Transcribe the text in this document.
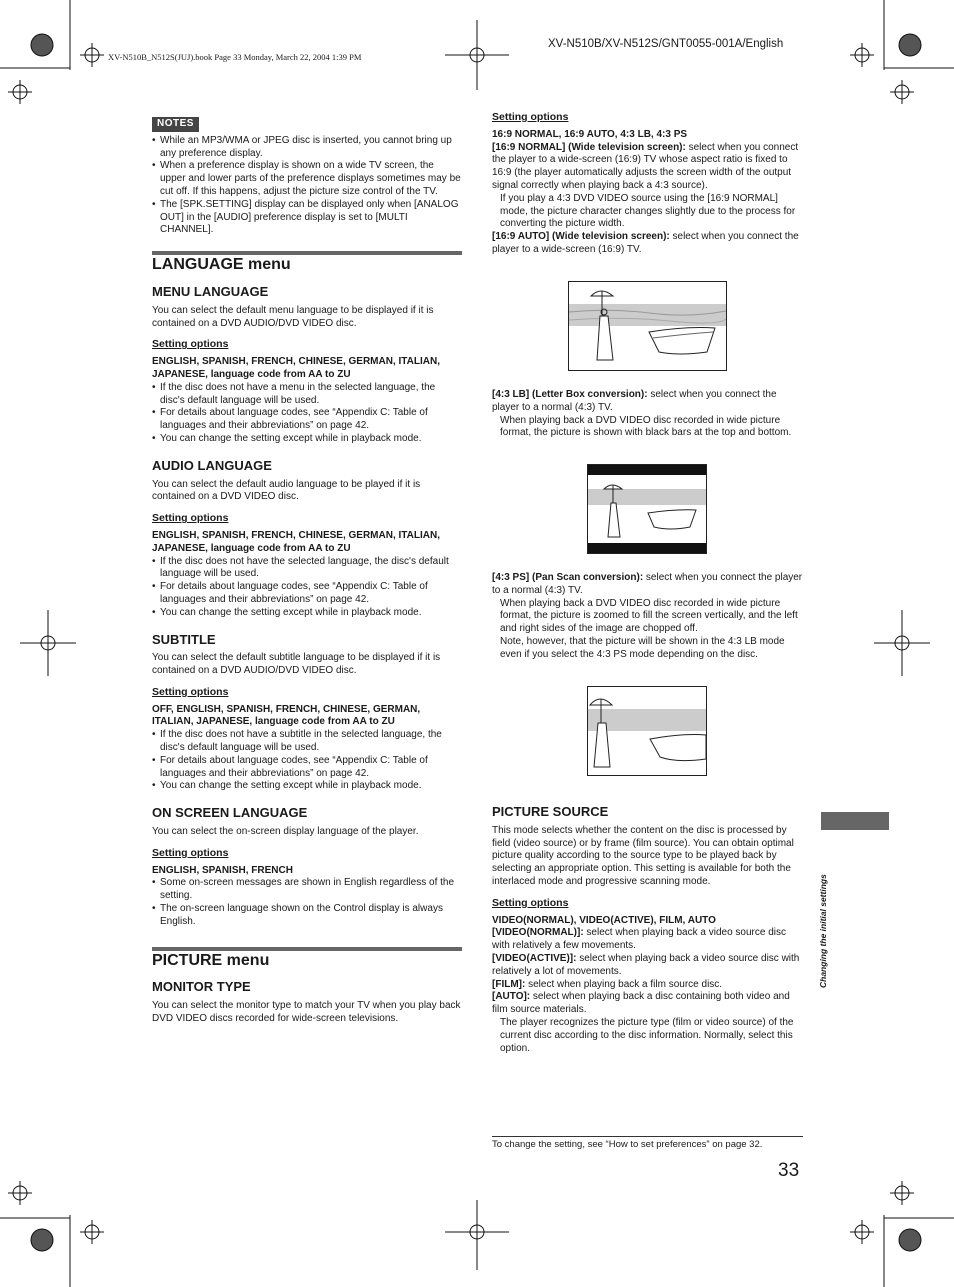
XV-N510B/XV-N512S/GNT0055-001A/English
XV-N510B_N512S(JUJ).book Page 33 Monday, March 22, 2004 1:39 PM
NOTES
• While an MP3/WMA or JPEG disc is inserted, you cannot bring up any preference display.
• When a preference display is shown on a wide TV screen, the upper and lower parts of the preference displays sometimes may be cut off. If this happens, adjust the picture size control of the TV.
• The [SPK.SETTING] display can be displayed only when [ANALOG OUT] in the [AUDIO] preference display is set to [MULTI CHANNEL].
LANGUAGE menu
MENU LANGUAGE

You can select the default menu language to be displayed if it is contained on a DVD AUDIO/DVD VIDEO disc.

Setting options

ENGLISH, SPANISH, FRENCH, CHINESE, GERMAN, ITALIAN, JAPANESE, language code from AA to ZU

• If the disc does not have a menu in the selected language, the disc's default language will be used.
• For details about language codes, see “Appendix C: Table of languages and their abbreviations” on page 42.
• You can change the setting except while in playback mode.
AUDIO LANGUAGE

You can select the default audio language to be played if it is contained on a DVD VIDEO disc.

Setting options

ENGLISH, SPANISH, FRENCH, CHINESE, GERMAN, ITALIAN, JAPANESE, language code from AA to ZU

• If the disc does not have the selected language, the disc's default language will be used.
• For details about language codes, see “Appendix C: Table of languages and their abbreviations” on page 42.
• You can change the setting except while in playback mode.
SUBTITLE

You can select the default subtitle language to be displayed if it is contained on a DVD AUDIO/DVD VIDEO disc.

Setting options

OFF, ENGLISH, SPANISH, FRENCH, CHINESE, GERMAN, ITALIAN, JAPANESE, language code from AA to ZU

• If the disc does not have a subtitle in the selected language, the disc's default language will be used.
• For details about language codes, see “Appendix C: Table of languages and their abbreviations” on page 42.
• You can change the setting except while in playback mode.
ON SCREEN LANGUAGE

You can select the on-screen display language of the player.

Setting options

ENGLISH, SPANISH, FRENCH

• Some on-screen messages are shown in English regardless of the setting.
• The on-screen language shown on the Control display is always English.
PICTURE menu
MONITOR TYPE

You can select the monitor type to match your TV when you play back DVD VIDEO discs recorded for wide-screen televisions.

Setting options

16:9 NORMAL, 16:9 AUTO, 4:3 LB, 4:3 PS

[16:9 NORMAL] (Wide television screen): select when you connect the player to a wide-screen (16:9) TV whose aspect ratio is fixed to 16:9 (the player automatically adjusts the screen width of the output signal correctly when playing back a 4:3 source).

If you play a 4:3 DVD VIDEO source using the [16:9 NORMAL] mode, the picture character changes slightly due to the process for converting the picture width.

[16:9 AUTO] (Wide television screen): select when you connect the player to a wide-screen (16:9) TV.

[4:3 LB] (Letter Box conversion): select when you connect the player to a normal (4:3) TV.

When playing back a DVD VIDEO disc recorded in wide picture format, the picture is shown with black bars at the top and bottom.

[4:3 PS] (Pan Scan conversion): select when you connect the player to a normal (4:3) TV.

When playing back a DVD VIDEO disc recorded in wide picture format, the picture is zoomed to fill the screen vertically, and the left and right sides of the image are chopped off.

Note, however, that the picture will be shown in the 4:3 LB mode even if you select the 4:3 PS mode depending on the disc.

PICTURE SOURCE

This mode selects whether the content on the disc is processed by field (video source) or by frame (film source). You can obtain optimal picture quality according to the source type to be played back by selecting an appropriate option. This setting is available for both the interlaced mode and progressive scanning mode.

Setting options

VIDEO(NORMAL), VIDEO(ACTIVE), FILM, AUTO

[VIDEO(NORMAL)]: select when playing back a video source disc with relatively a few movements.

[VIDEO(ACTIVE)]: select when playing back a video source disc with relatively a lot of movements.

[FILM]: select when playing back a film source disc.

[AUTO]: select when playing back a disc containing both video and film source materials.

The player recognizes the picture type (film or video source) of the current disc according to the disc information. Normally, select this option.

Changing the initial settings
To change the setting, see “How to set preferences” on page 32.
33
